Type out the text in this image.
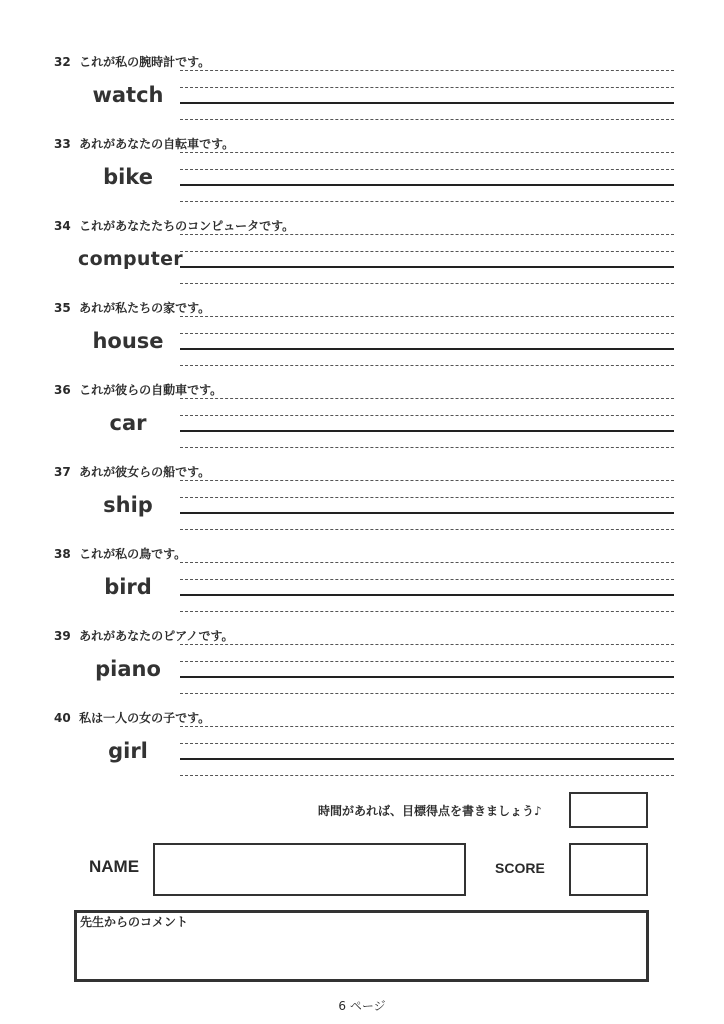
32 これが私の腕時計です。
watch
33 あれがあなたの自転車です。
bike
34 これがあなたたちのコンピュータです。
computer
35 あれが私たちの家です。
house
36 これが彼らの自動車です。
car
37 あれが彼女らの船です。
ship
38 これが私の鳥です。
bird
39 あれがあなたのピアノです。
piano
40 私は一人の女の子です。
girl
時間があれば、目標得点を書きましょう♪
NAME	SCORE
先生からのコメント
6 ページ
